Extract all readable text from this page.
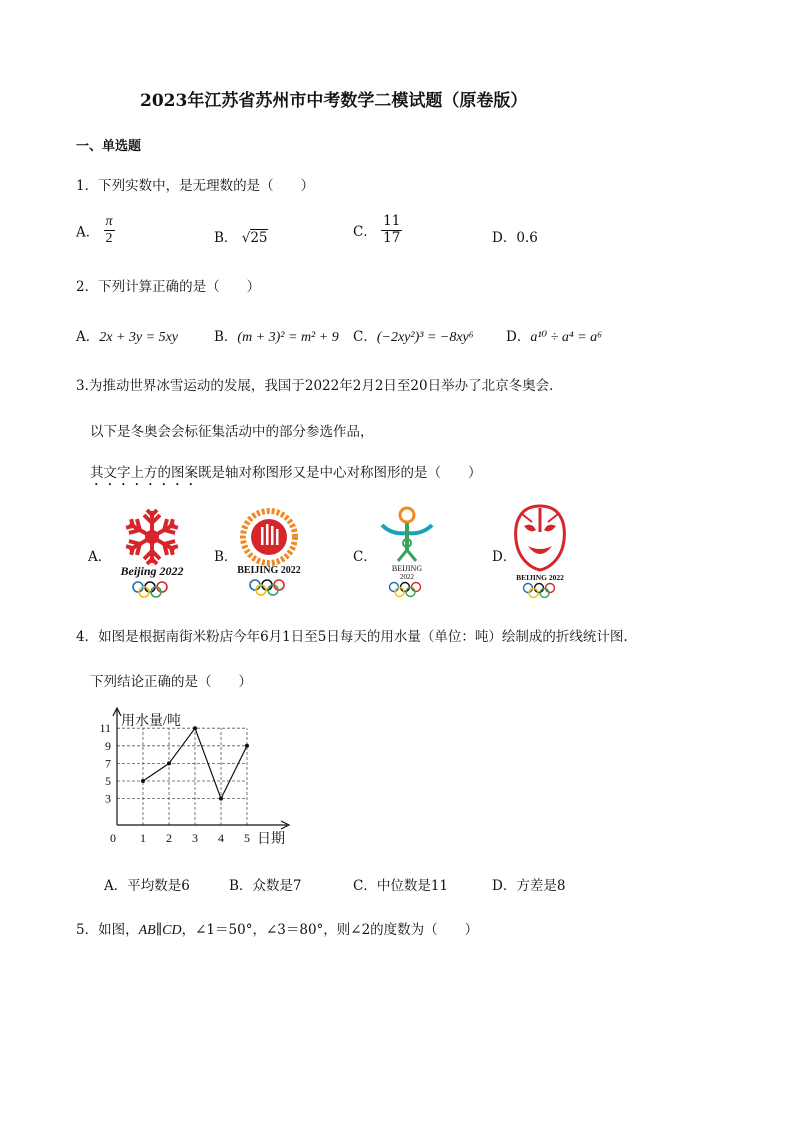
2023年江苏省苏州市中考数学二模试题（原卷版）
一、单选题
1．下列实数中，是无理数的是（　　）
A． $\frac{\pi}{2}$	B． √25	C． $\frac{11}{17}$	D．0.6
2．下列计算正确的是（　　）
A．2x + 3y = 5xy	B．(m + 3)² = m² + 9 C．(−2xy²)³ = −8xy⁶ D．a¹⁰ ÷ a⁴ = a⁶
3.为推动世界冰雪运动的发展，我国于2022年2月2日至20日举办了北京冬奥会.
以下是冬奥会会标征集活动中的部分参选作品，
其文字上方的图案既是轴对称图形又是中心对称图形的是（　　）
A．
Beijing 2022
B．
BEIJING 2022
C．
BEIJING
2022
D．
BEIJING 2022
4．如图是根据南街米粉店今年6月1日至5日每天的用水量（单位：吨）绘制成的折线统计图.
下列结论正确的是（　　）
用水量/吨
日期
0 1 2 3 4 5
3
5
7
9
11
A．平均数是6	B．众数是7	C．中位数是11	D．方差是8
5．如图，AB∥CD，∠1＝50°，∠3＝80°，则∠2的度数为（　　）
